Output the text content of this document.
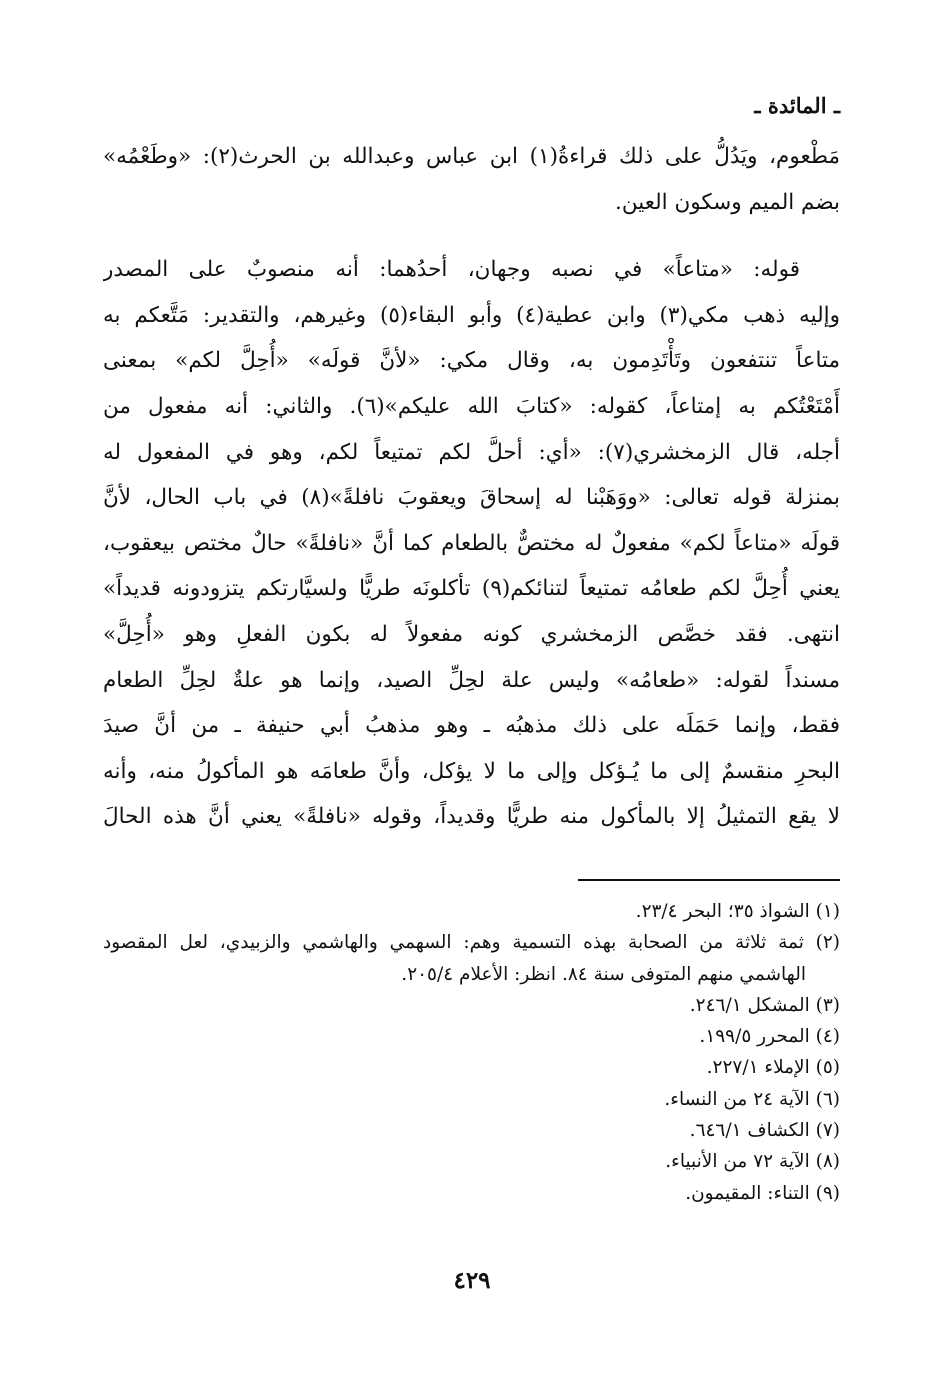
ـ المائدة ـ
مَطْعوم، ويَدُلُّ على ذلك قراءةُ(١) ابن عباس وعبدالله بن الحرث(٢): «وطَعْمُه»
بضم الميم وسكون العين.
قوله: «متاعاً» في نصبه وجهان، أحدُهما: أنه منصوبٌ على المصدر
وإليه ذهب مكي(٣) وابن عطية(٤) وأبو البقاء(٥) وغيرهم، والتقدير: مَتَّعكم به
متاعاً تنتفعون وتَأْتَدِمون به، وقال مكي: «لأنَّ قولَه» «أُحِلَّ لكم» بمعنى
أَمْتَعْتُكم به إمتاعاً، كقوله: «كتابَ الله عليكم»(٦). والثاني: أنه مفعول من
أجله، قال الزمخشري(٧): «أي: أحلَّ لكم تمتيعاً لكم، وهو في المفعول له
بمنزلة قوله تعالى: «ووَهَبْنا له إسحاقَ ويعقوبَ نافلةً»(٨) في باب الحال، لأنَّ
قولَه «متاعاً لكم» مفعولٌ له مختصٌّ بالطعام كما أنَّ «نافلةً» حالٌ مختص بيعقوب،
يعني أُحِلَّ لكم طعامُه تمتيعاً لتنائكم(٩) تأكلونَه طريًّا ولسيَّارتكم يتزودونه قديداً»
انتهى. فقد خصَّص الزمخشري كونه مفعولاً له بكون الفعلِ وهو «أُحِلَّ»
مسنداً لقوله: «طعامُه» وليس علة لحِلِّ الصيد، وإنما هو علةٌ لحِلِّ الطعام
فقط، وإنما حَمَلَه على ذلك مذهبُه ـ وهو مذهبُ أبي حنيفة ـ من أنَّ صيدَ
البحرِ منقسمٌ إلى ما يُـؤكل وإلى ما لا يؤكل، وأنَّ طعامَه هو المأكولُ منه، وأنه
لا يقع التمثيلُ إلا بالمأكول منه طريًّا وقديداً، وقوله «نافلةً» يعني أنَّ هذه الحالَ
(١) الشواذ ٣٥؛ البحر ٢٣/٤.
(٢) ثمة ثلاثة من الصحابة بهذه التسمية وهم: السهمي والهاشمي والزبيدي، لعل المقصود
الهاشمي منهم المتوفى سنة ٨٤. انظر: الأعلام ٢٠٥/٤.
(٣) المشكل ٢٤٦/١.
(٤) المحرر ١٩٩/٥.
(٥) الإملاء ٢٢٧/١.
(٦) الآية ٢٤ من النساء.
(٧) الكشاف ٦٤٦/١.
(٨) الآية ٧٢ من الأنبياء.
(٩) التناء: المقيمون.
٤٢٩
